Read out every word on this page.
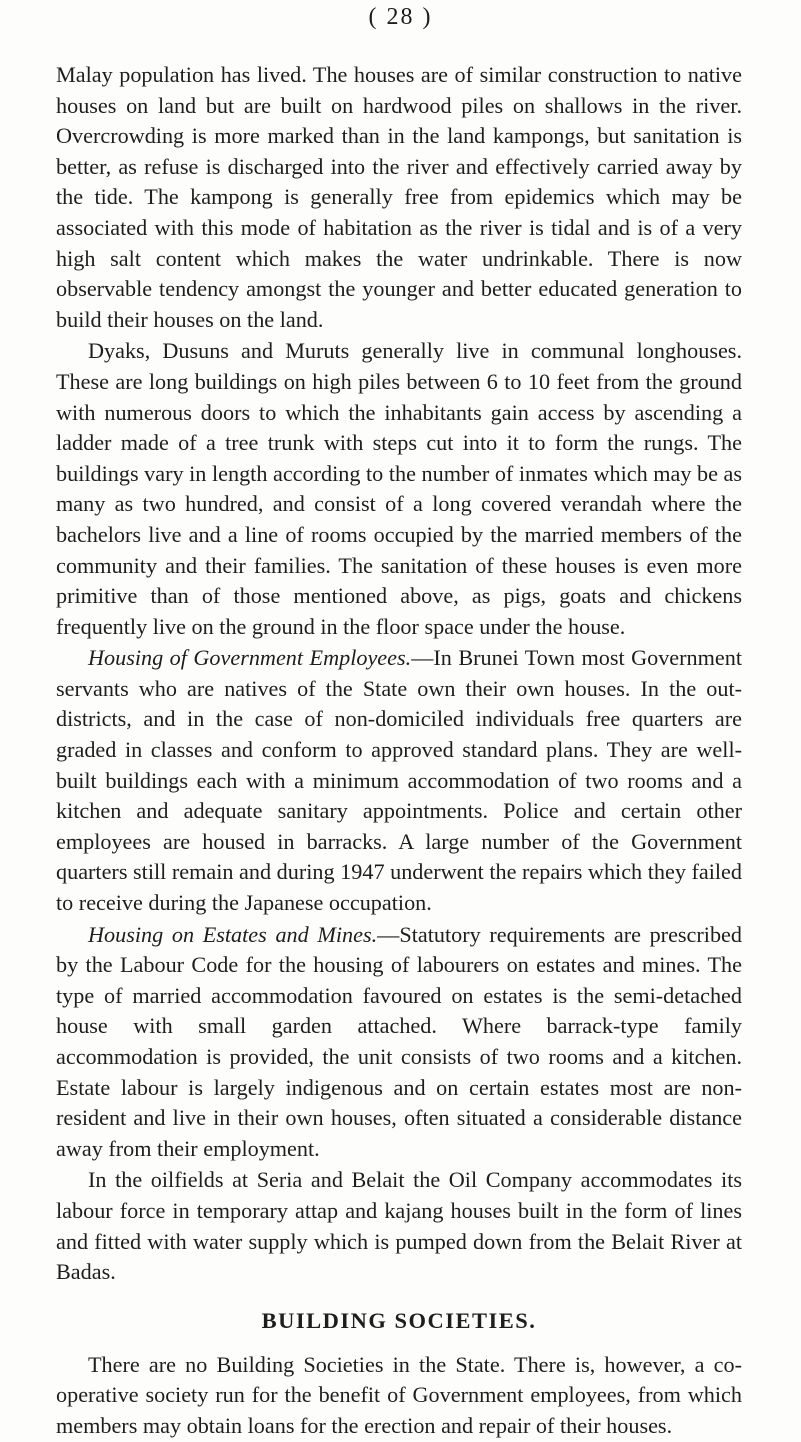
( 28 )

Malay population has lived. The houses are of similar construction to native houses on land but are built on hardwood piles on shallows in the river. Overcrowding is more marked than in the land kampongs, but sanitation is better, as refuse is discharged into the river and effectively carried away by the tide. The kampong is generally free from epidemics which may be associated with this mode of habitation as the river is tidal and is of a very high salt content which makes the water undrinkable. There is now observable tendency amongst the younger and better educated generation to build their houses on the land.

Dyaks, Dusuns and Muruts generally live in communal longhouses. These are long buildings on high piles between 6 to 10 feet from the ground with numerous doors to which the inhabitants gain access by ascending a ladder made of a tree trunk with steps cut into it to form the rungs. The buildings vary in length according to the number of inmates which may be as many as two hundred, and consist of a long covered verandah where the bachelors live and a line of rooms occupied by the married members of the community and their families. The sanitation of these houses is even more primitive than of those mentioned above, as pigs, goats and chickens frequently live on the ground in the floor space under the house.

Housing of Government Employees.—In Brunei Town most Government servants who are natives of the State own their own houses. In the out-districts, and in the case of non-domiciled individuals free quarters are graded in classes and conform to approved standard plans. They are well-built buildings each with a minimum accommodation of two rooms and a kitchen and adequate sanitary appointments. Police and certain other employees are housed in barracks. A large number of the Government quarters still remain and during 1947 underwent the repairs which they failed to receive during the Japanese occupation.

Housing on Estates and Mines.—Statutory requirements are prescribed by the Labour Code for the housing of labourers on estates and mines. The type of married accommodation favoured on estates is the semi-detached house with small garden attached. Where barrack-type family accommodation is provided, the unit consists of two rooms and a kitchen. Estate labour is largely indigenous and on certain estates most are non-resident and live in their own houses, often situated a considerable distance away from their employment.

In the oilfields at Seria and Belait the Oil Company accommodates its labour force in temporary attap and kajang houses built in the form of lines and fitted with water supply which is pumped down from the Belait River at Badas.

BUILDING SOCIETIES.

There are no Building Societies in the State. There is, however, a co-operative society run for the benefit of Government employees, from which members may obtain loans for the erection and repair of their houses.
